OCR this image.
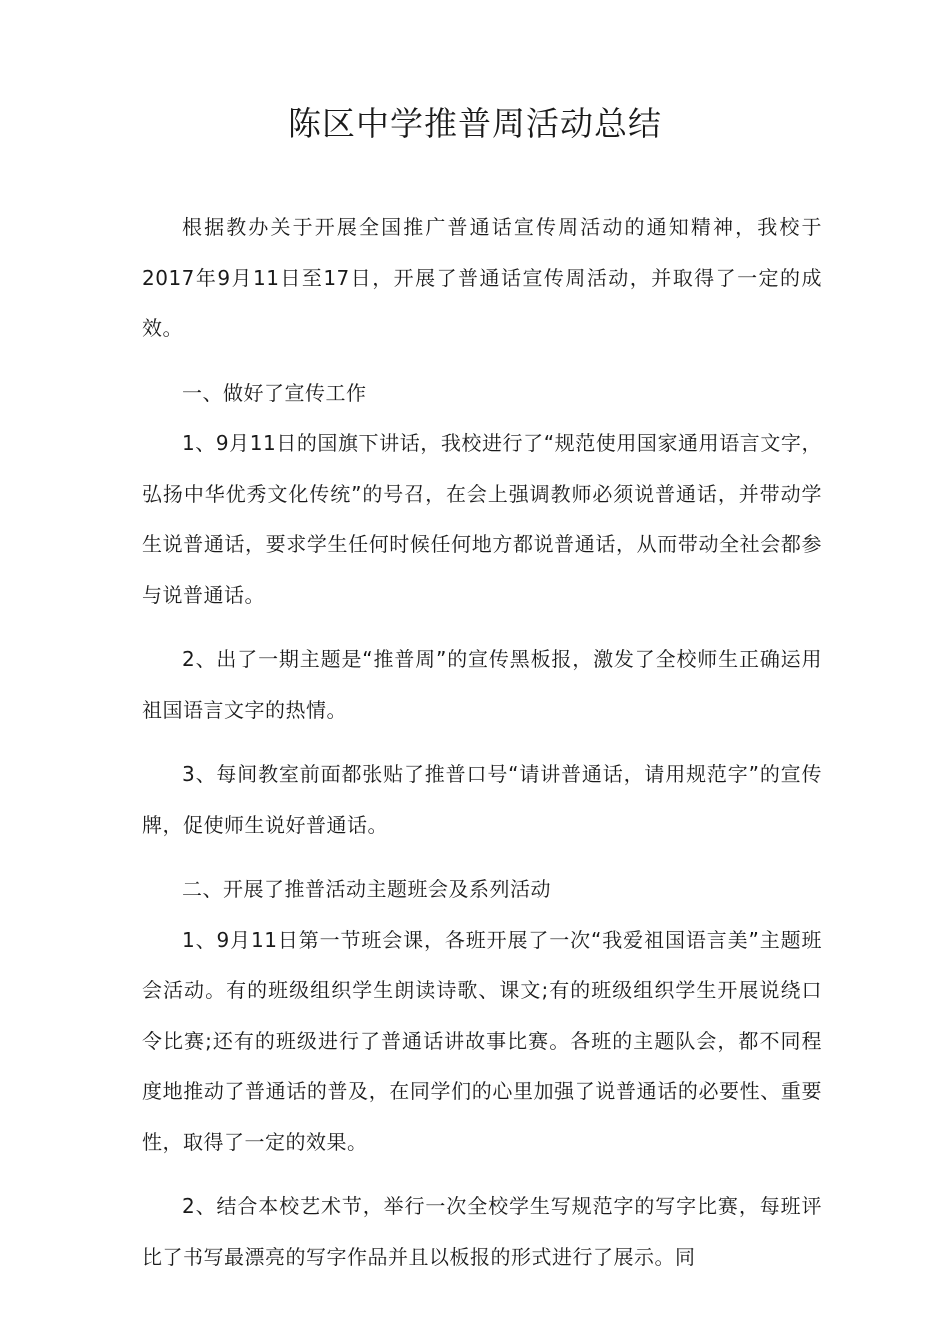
陈区中学推普周活动总结

根据教办关于开展全国推广普通话宣传周活动的通知精神，我校于2017年9月11日至17日，开展了普通话宣传周活动，并取得了一定的成效。

一、做好了宣传工作

1、9月11日的国旗下讲话，我校进行了“规范使用国家通用语言文字，弘扬中华优秀文化传统”的号召，在会上强调教师必须说普通话，并带动学生说普通话，要求学生任何时候任何地方都说普通话，从而带动全社会都参与说普通话。

2、出了一期主题是“推普周”的宣传黑板报，激发了全校师生正确运用祖国语言文字的热情。

3、每间教室前面都张贴了推普口号“请讲普通话，请用规范字”的宣传牌，促使师生说好普通话。

二、开展了推普活动主题班会及系列活动

1、9月11日第一节班会课，各班开展了一次“我爱祖国语言美”主题班会活动。有的班级组织学生朗读诗歌、课文;有的班级组织学生开展说绕口令比赛;还有的班级进行了普通话讲故事比赛。各班的主题队会，都不同程度地推动了普通话的普及，在同学们的心里加强了说普通话的必要性、重要性，取得了一定的效果。

2、结合本校艺术节，举行一次全校学生写规范字的写字比赛，每班评比了书写最漂亮的写字作品并且以板报的形式进行了展示。同
